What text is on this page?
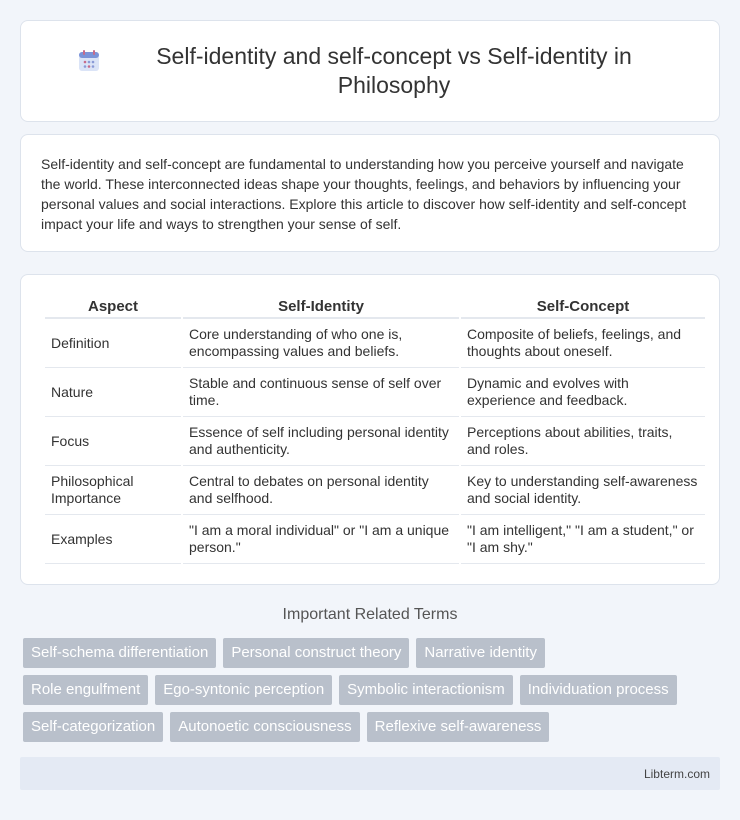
Self-identity and self-concept vs Self-identity in Philosophy

Self-identity and self-concept are fundamental to understanding how you perceive yourself and navigate the world. These interconnected ideas shape your thoughts, feelings, and behaviors by influencing your personal values and social interactions. Explore this article to discover how self-identity and self-concept impact your life and ways to strengthen your sense of self.

Aspect	Self-Identity	Self-Concept
Definition	Core understanding of who one is, encompassing values and beliefs.	Composite of beliefs, feelings, and thoughts about oneself.
Nature	Stable and continuous sense of self over time.	Dynamic and evolves with experience and feedback.
Focus	Essence of self including personal identity and authenticity.	Perceptions about abilities, traits, and roles.
Philosophical Importance	Central to debates on personal identity and selfhood.	Key to understanding self-awareness and social identity.
Examples	"I am a moral individual" or "I am a unique person."	"I am intelligent," "I am a student," or "I am shy."
Important Related Terms
Self-schema differentiation	Personal construct theory	Narrative identity
Role engulfment	Ego-syntonic perception	Symbolic interactionism	Individuation process
Self-categorization	Autonoetic consciousness	Reflexive self-awareness
Libterm.com
